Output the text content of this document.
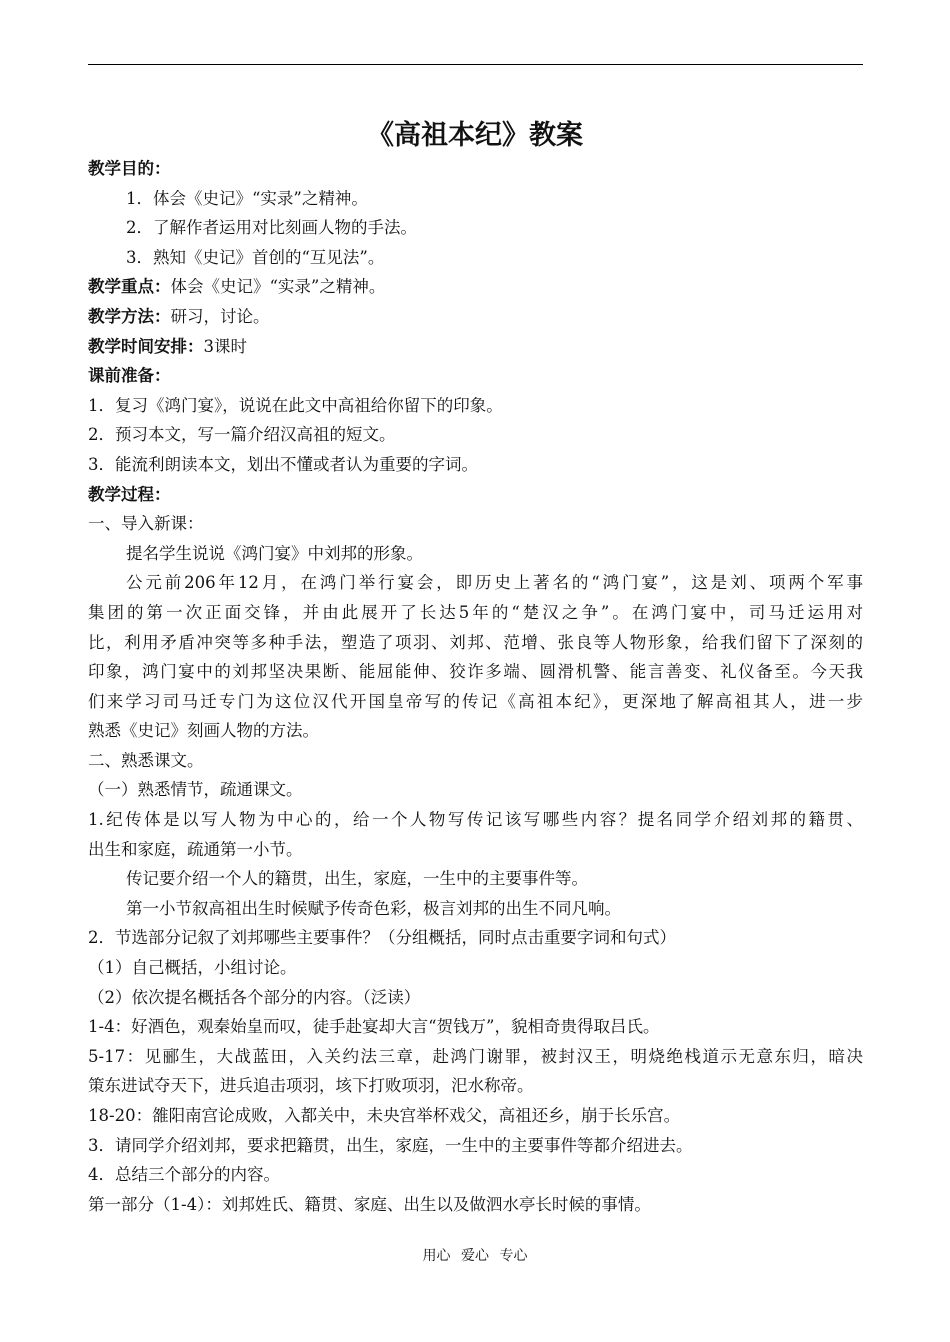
《高祖本纪》教案
教学目的：
1．体会《史记》“实录”之精神。
2．了解作者运用对比刻画人物的手法。
3．熟知《史记》首创的“互见法”。
教学重点：体会《史记》“实录”之精神。
教学方法：研习，讨论。
教学时间安排：3课时
课前准备：
1．复习《鸿门宴》，说说在此文中高祖给你留下的印象。
2．预习本文，写一篇介绍汉高祖的短文。
3．能流利朗读本文，划出不懂或者认为重要的字词。
教学过程：
一、导入新课：
提名学生说说《鸿门宴》中刘邦的形象。
公元前206年12月，在鸿门举行宴会，即历史上著名的“鸿门宴”，这是刘、项两个军事
集团的第一次正面交锋，并由此展开了长达5年的“楚汉之争”。在鸿门宴中，司马迁运用对
比，利用矛盾冲突等多种手法，塑造了项羽、刘邦、范增、张良等人物形象，给我们留下了深刻的
印象，鸿门宴中的刘邦坚决果断、能屈能伸、狡诈多端、圆滑机警、能言善变、礼仪备至。今天我
们来学习司马迁专门为这位汉代开国皇帝写的传记《高祖本纪》，更深地了解高祖其人，进一步
熟悉《史记》刻画人物的方法。
二、熟悉课文。
（一）熟悉情节，疏通课文。
1.纪传体是以写人物为中心的，给一个人物写传记该写哪些内容？提名同学介绍刘邦的籍贯、
出生和家庭，疏通第一小节。
传记要介绍一个人的籍贯，出生，家庭，一生中的主要事件等。
第一小节叙高祖出生时候赋予传奇色彩，极言刘邦的出生不同凡响。
2．节选部分记叙了刘邦哪些主要事件？（分组概括，同时点击重要字词和句式）
（1）自己概括，小组讨论。
（2）依次提名概括各个部分的内容。（泛读）
1-4：好酒色，观秦始皇而叹，徒手赴宴却大言“贺钱万”，貌相奇贵得取吕氏。
5-17：见郦生，大战蓝田，入关约法三章，赴鸿门谢罪，被封汉王，明烧绝栈道示无意东归，暗决
策东进试夺天下，进兵追击项羽，垓下打败项羽，汜水称帝。
18-20：雒阳南宫论成败，入都关中，未央宫举杯戏父，高祖还乡，崩于长乐宫。
3．请同学介绍刘邦，要求把籍贯，出生，家庭，一生中的主要事件等都介绍进去。
4．总结三个部分的内容。
第一部分（1-4）：刘邦姓氏、籍贯、家庭、出生以及做泗水亭长时候的事情。
用心 爱心 专心
